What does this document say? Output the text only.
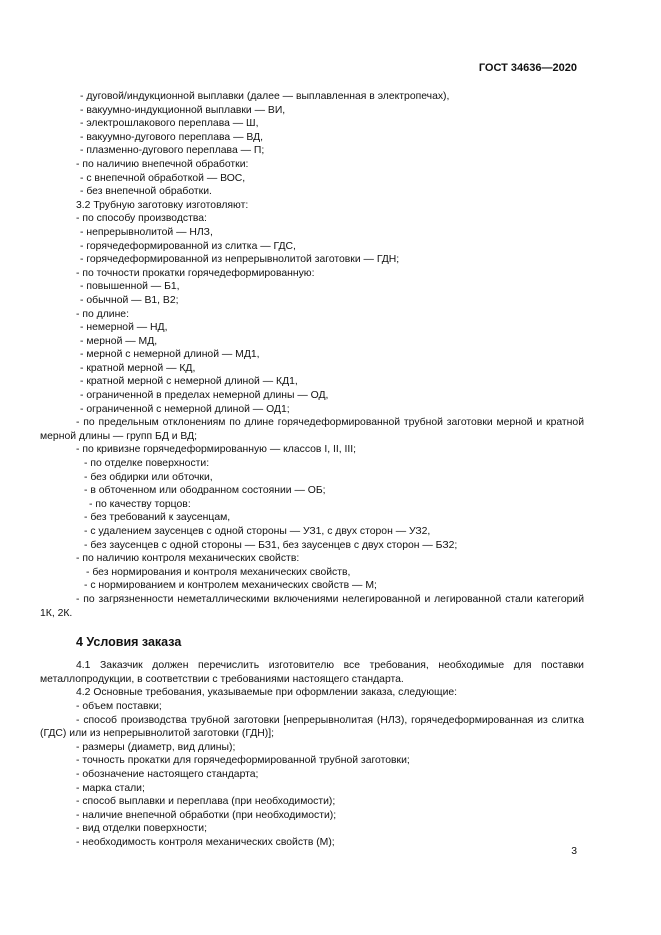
ГОСТ 34636—2020
- дуговой/индукционной выплавки (далее — выплавленная в электропечах),
- вакуумно-индукционной выплавки — ВИ,
- электрошлакового переплава — Ш,
- вакуумно-дугового переплава — ВД,
- плазменно-дугового переплава — П;
- по наличию внепечной обработки:
- с внепечной обработкой — ВОС,
- без внепечной обработки.
3.2 Трубную заготовку изготовляют:
- по способу производства:
- непрерывнолитой — НЛЗ,
- горячедеформированной из слитка — ГДС,
- горячедеформированной из непрерывнолитой заготовки — ГДН;
- по точности прокатки горячедеформированную:
- повышенной — Б1,
- обычной — В1, В2;
- по длине:
- немерной — НД,
- мерной — МД,
- мерной с немерной длиной — МД1,
- кратной мерной — КД,
- кратной мерной с немерной длиной — КД1,
- ограниченной в пределах немерной длины — ОД,
- ограниченной с немерной длиной — ОД1;
- по предельным отклонениям по длине горячедеформированной трубной заготовки мерной и кратной мерной длины — групп БД и ВД;
- по кривизне горячедеформированную — классов I, II, III;
- по отделке поверхности:
- без обдирки или обточки,
- в обточенном или ободранном состоянии — ОБ;
- по качеству торцов:
- без требований к заусенцам,
- с удалением заусенцев с одной стороны — УЗ1, с двух сторон — УЗ2,
- без заусенцев с одной стороны — БЗ1, без заусенцев с двух сторон — БЗ2;
- по наличию контроля механических свойств:
- без нормирования и контроля механических свойств,
- с нормированием и контролем механических свойств — М;
- по загрязненности неметаллическими включениями нелегированной и легированной стали категорий 1К, 2К.
4 Условия заказа
4.1 Заказчик должен перечислить изготовителю все требования, необходимые для поставки металлопродукции, в соответствии с требованиями настоящего стандарта.
4.2 Основные требования, указываемые при оформлении заказа, следующие:
- объем поставки;
- способ производства трубной заготовки [непрерывнолитая (НЛЗ), горячедеформированная из слитка (ГДС) или из непрерывнолитой заготовки (ГДН)];
- размеры (диаметр, вид длины);
- точность прокатки для горячедеформированной трубной заготовки;
- обозначение настоящего стандарта;
- марка стали;
- способ выплавки и переплава (при необходимости);
- наличие внепечной обработки (при необходимости);
- вид отделки поверхности;
- необходимость контроля механических свойств (М);
3
